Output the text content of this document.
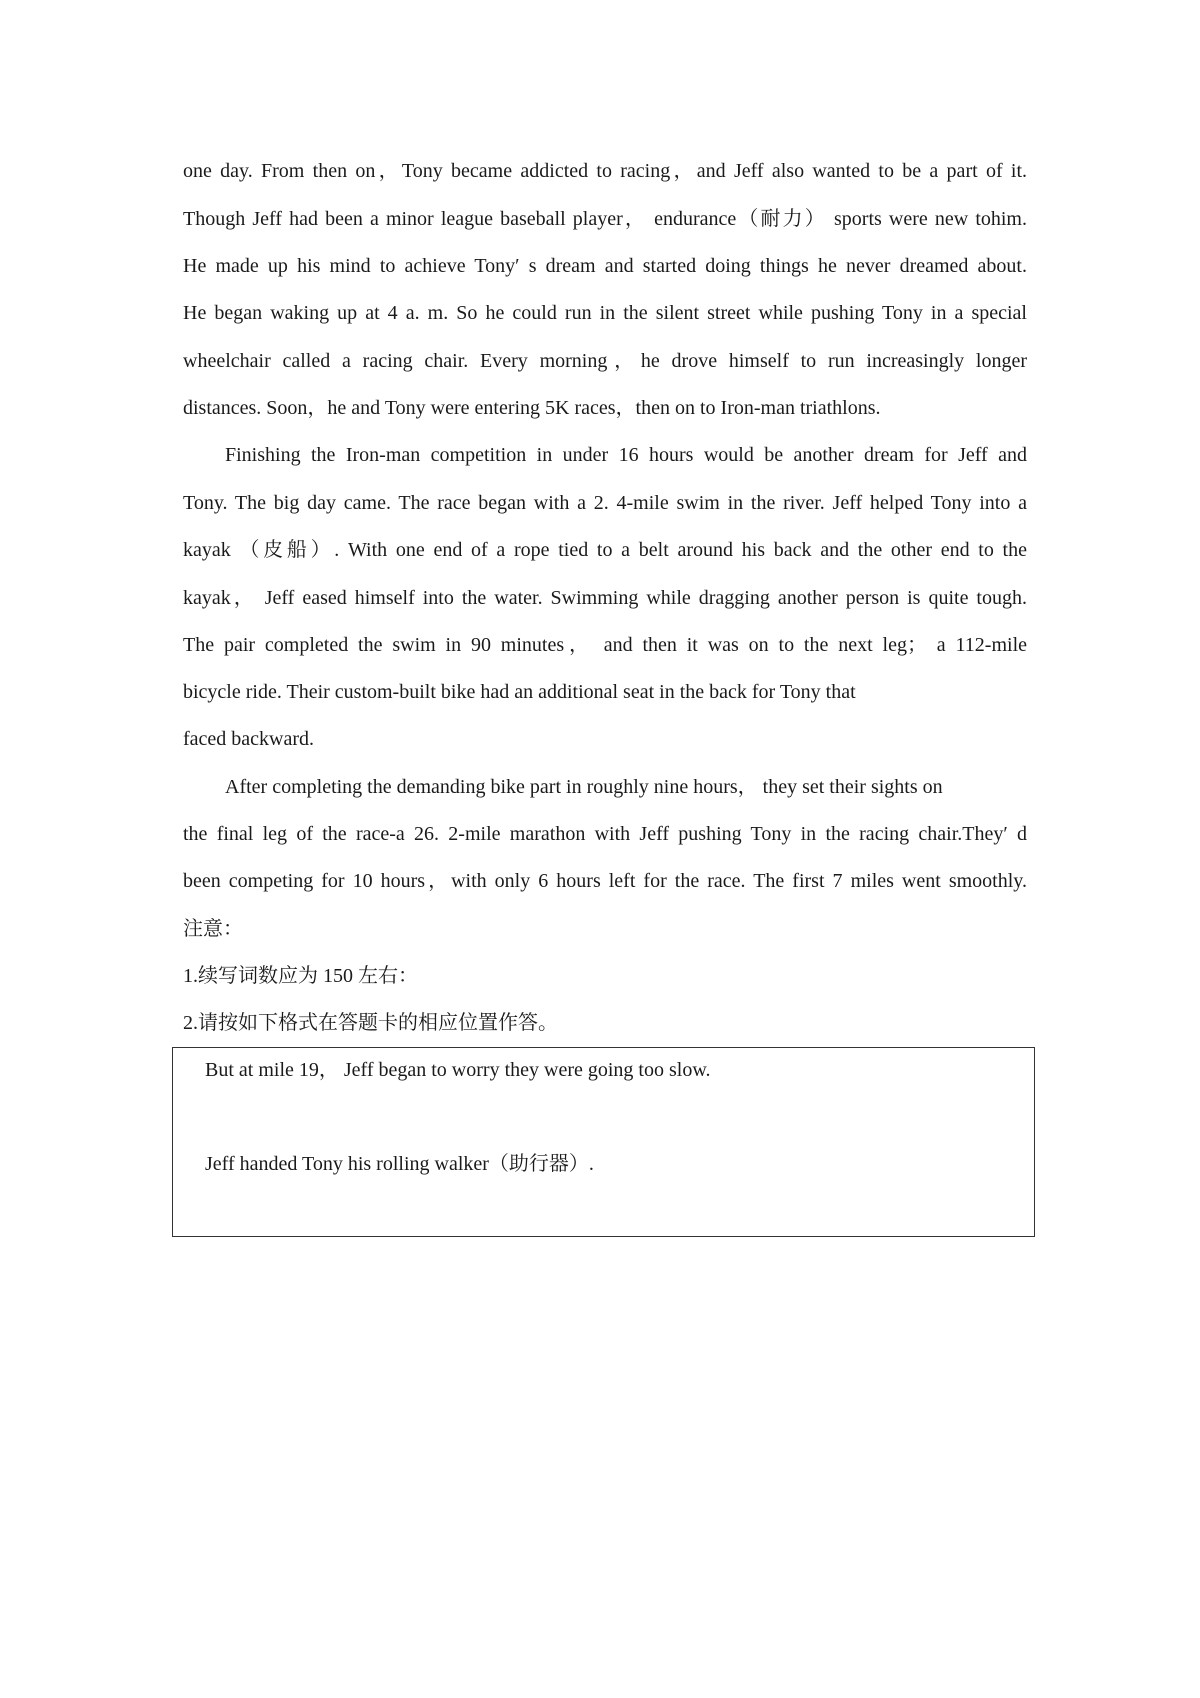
one day. From then on，Tony became addicted to racing，and Jeff also wanted to be a part of it.
Though Jeff had been a minor league baseball player， endurance（耐力） sports were new tohim.
He made up his mind to achieve Tony′ s dream and started doing things he never dreamed about.
He began waking up at 4 a. m. So he could run in the silent street while pushing Tony in a special
wheelchair called a racing chair. Every morning，he drove himself to run increasingly longer
distances. Soon，he and Tony were entering 5K races，then on to Iron-man triathlons.
Finishing the Iron-man competition in under 16 hours would be another dream for Jeff and
Tony. The big day came. The race began with a 2. 4-mile swim in the river. Jeff helped Tony into a
kayak （皮船）. With one end of a rope tied to a belt around his back and the other end to the
kayak， Jeff eased himself into the water. Swimming while dragging another person is quite tough.
The pair completed the swim in 90 minutes， and then it was on to the next leg； a 112-mile
bicycle ride. Their custom-built bike had an additional seat in the back for Tony that
faced backward.
After completing the demanding bike part in roughly nine hours， they set their sights on
the final leg of the race-a 26. 2-mile marathon with Jeff pushing Tony in the racing chair.They′ d
been competing for 10 hours，with only 6 hours left for the race. The first 7 miles went smoothly.
注意：
1.续写词数应为 150 左右：
2.请按如下格式在答题卡的相应位置作答。
But at mile 19， Jeff began to worry they were going too slow.
Jeff handed Tony his rolling walker（助行器）.
